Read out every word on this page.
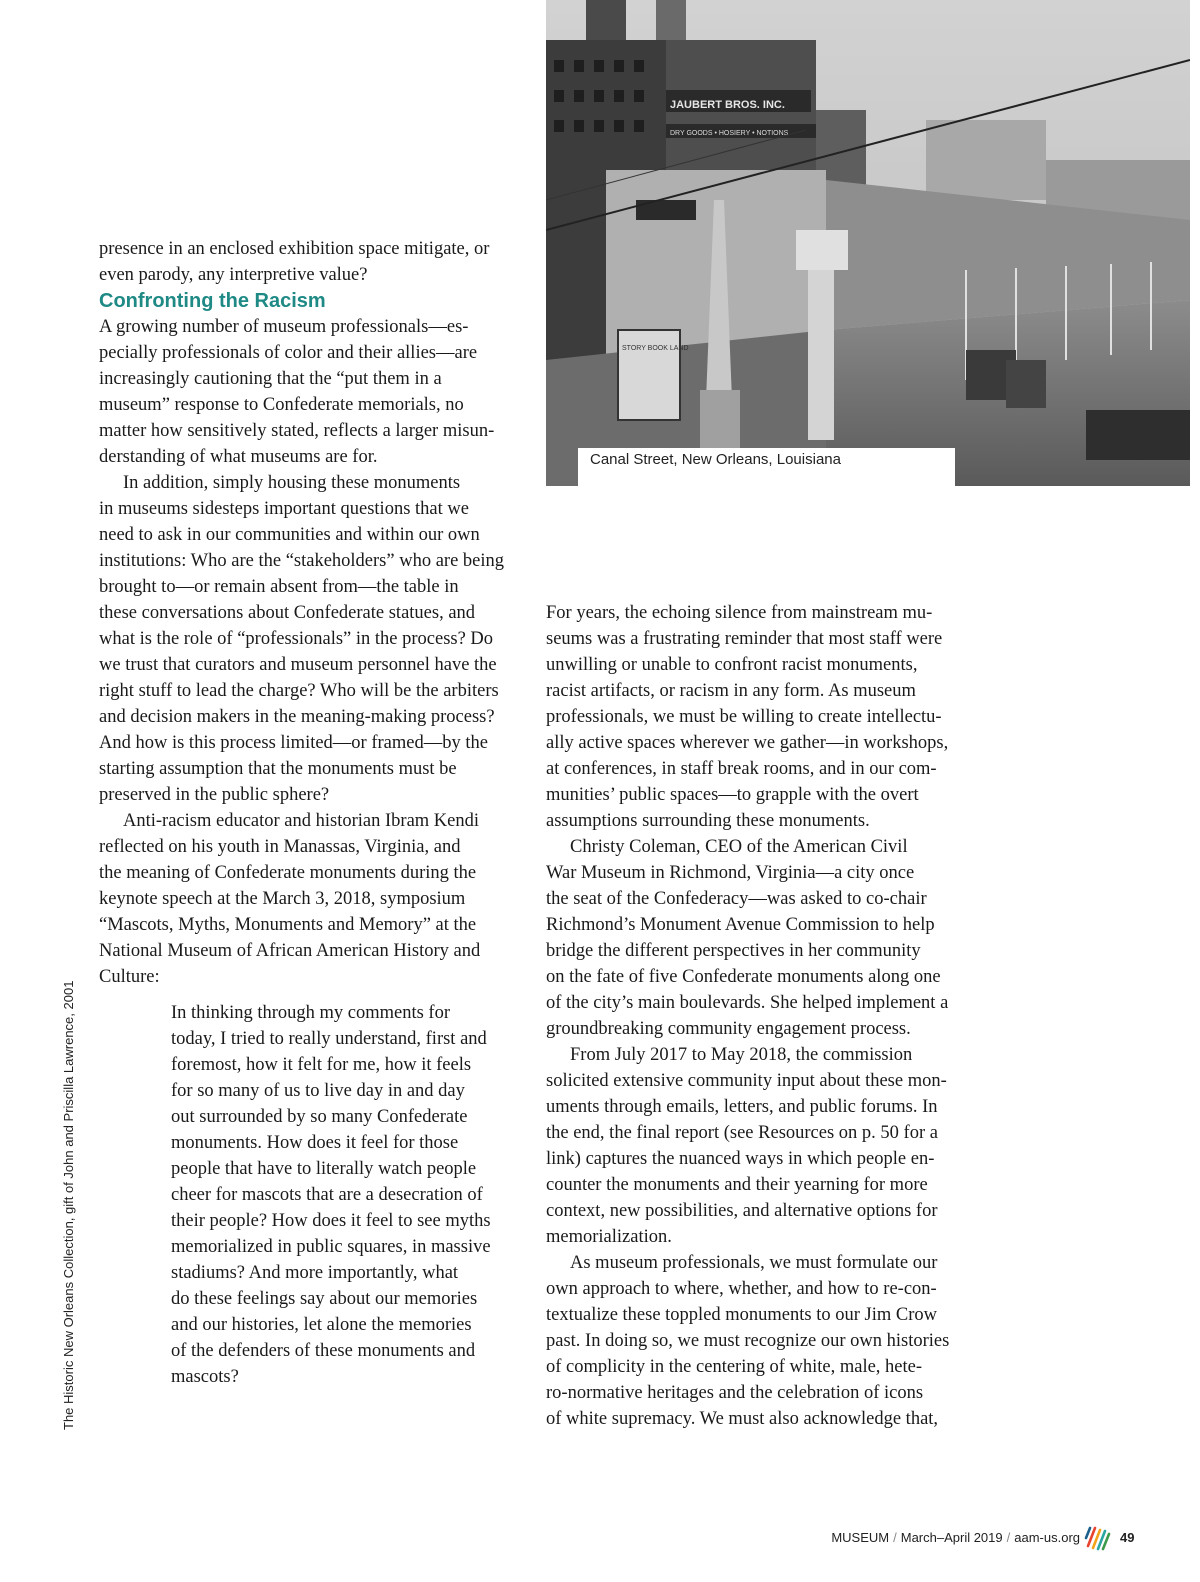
JAUBERT BROS. INC.
DRY GOODS • HOSIERY • NOTIONS
STORY BOOK LAND
Canal Street, New Orleans, Louisiana
The Historic New Orleans Collection, gift of John and Priscilla Lawrence, 2001

presence in an enclosed exhibition space mitigate, or
even parody, any interpretive value?

Confronting the Racism

A growing number of museum professionals—es-
pecially professionals of color and their allies—are
increasingly cautioning that the “put them in a
museum” response to Confederate memorials, no
matter how sensitively stated, reflects a larger misun-
derstanding of what museums are for.

In addition, simply housing these monuments
in museums sidesteps important questions that we
need to ask in our communities and within our own
institutions: Who are the “stakeholders” who are being
brought to—or remain absent from—the table in
these conversations about Confederate statues, and
what is the role of “professionals” in the process? Do
we trust that curators and museum personnel have the
right stuff to lead the charge? Who will be the arbiters
and decision makers in the meaning-making process?
And how is this process limited—or framed—by the
starting assumption that the monuments must be
preserved in the public sphere?

Anti-racism educator and historian Ibram Kendi
reflected on his youth in Manassas, Virginia, and
the meaning of Confederate monuments during the
keynote speech at the March 3, 2018, symposium
“Mascots, Myths, Monuments and Memory” at the
National Museum of African American History and
Culture:

In thinking through my comments for
today, I tried to really understand, first and
foremost, how it felt for me, how it feels
for so many of us to live day in and day
out surrounded by so many Confederate
monuments. How does it feel for those
people that have to literally watch people
cheer for mascots that are a desecration of
their people? How does it feel to see myths
memorialized in public squares, in massive
stadiums? And more importantly, what
do these feelings say about our memories
and our histories, let alone the memories
of the defenders of these monuments and
mascots?

For years, the echoing silence from mainstream mu-
seums was a frustrating reminder that most staff were
unwilling or unable to confront racist monuments,
racist artifacts, or racism in any form. As museum
professionals, we must be willing to create intellectu-
ally active spaces wherever we gather—in workshops,
at conferences, in staff break rooms, and in our com-
munities’ public spaces—to grapple with the overt
assumptions surrounding these monuments.

Christy Coleman, CEO of the American Civil
War Museum in Richmond, Virginia—a city once
the seat of the Confederacy—was asked to co-chair
Richmond’s Monument Avenue Commission to help
bridge the different perspectives in her community
on the fate of five Confederate monuments along one
of the city’s main boulevards. She helped implement a
groundbreaking community engagement process.

From July 2017 to May 2018, the commission
solicited extensive community input about these mon-
uments through emails, letters, and public forums. In
the end, the final report (see Resources on p. 50 for a
link) captures the nuanced ways in which people en-
counter the monuments and their yearning for more
context, new possibilities, and alternative options for
memorialization.

As museum professionals, we must formulate our
own approach to where, whether, and how to re-con-
textualize these toppled monuments to our Jim Crow
past. In doing so, we must recognize our own histories
of complicity in the centering of white, male, hete-
ro-normative heritages and the celebration of icons
of white supremacy. We must also acknowledge that,

MUSEUM / March–April 2019 / aam-us.org	49
